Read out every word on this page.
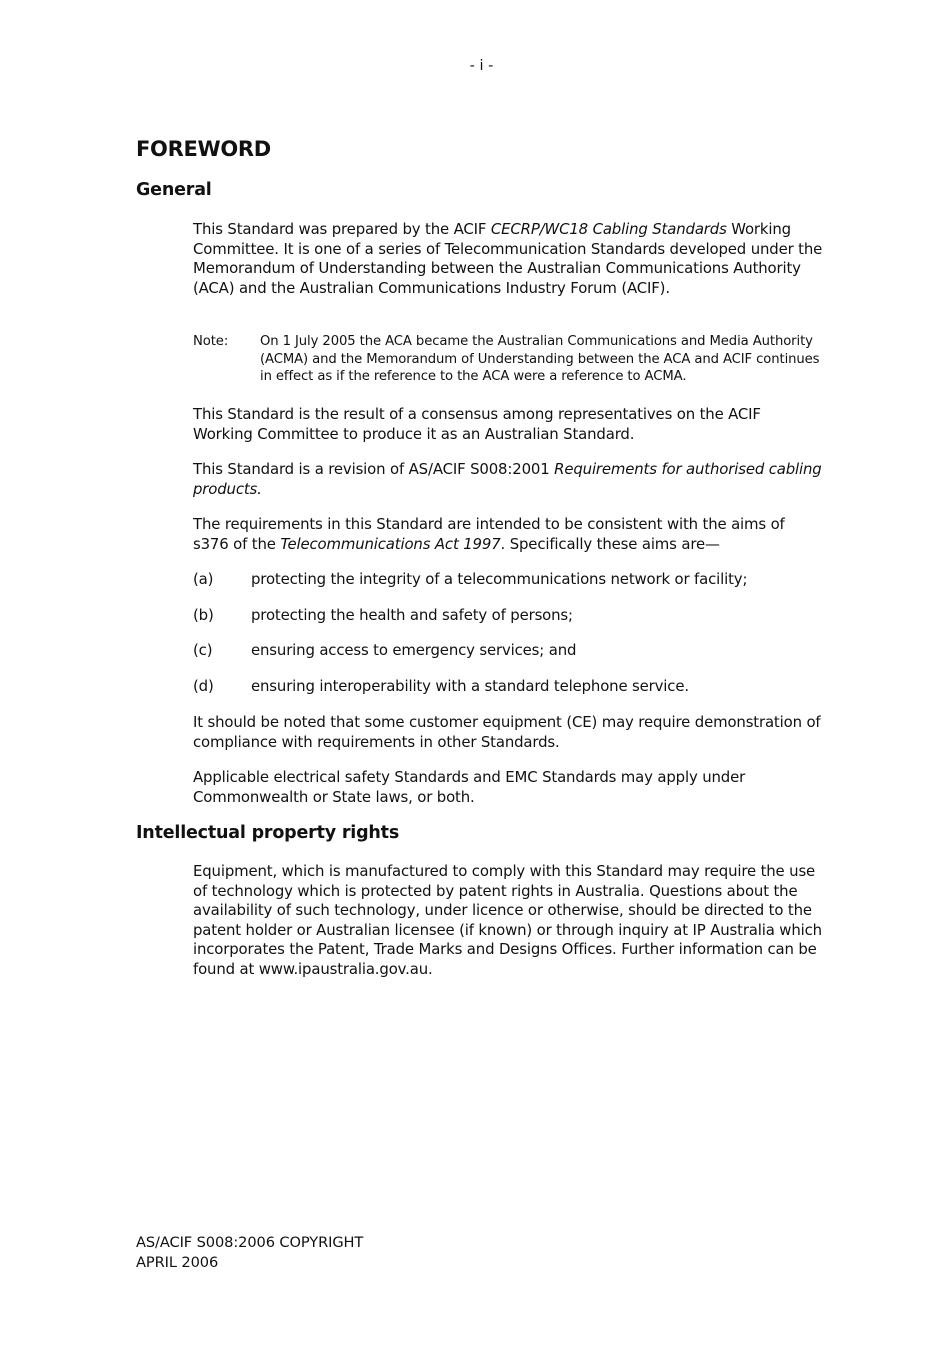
- i -
FOREWORD
General

This Standard was prepared by the ACIF CECRP/WC18 Cabling Standards Working Committee. It is one of a series of Telecommunication Standards developed under the Memorandum of Understanding between the Australian Communications Authority (ACA) and the Australian Communications Industry Forum (ACIF).

Note: On 1 July 2005 the ACA became the Australian Communications and Media Authority (ACMA) and the Memorandum of Understanding between the ACA and ACIF continues in effect as if the reference to the ACA were a reference to ACMA.

This Standard is the result of a consensus among representatives on the ACIF Working Committee to produce it as an Australian Standard.

This Standard is a revision of AS/ACIF S008:2001 Requirements for authorised cabling products.

The requirements in this Standard are intended to be consistent with the aims of s376 of the Telecommunications Act 1997. Specifically these aims are—

(a)	protecting the integrity of a telecommunications network or facility;
(b)	protecting the health and safety of persons;
(c)	ensuring access to emergency services; and
(d)	ensuring interoperability with a standard telephone service.

It should be noted that some customer equipment (CE) may require demonstration of compliance with requirements in other Standards.

Applicable electrical safety Standards and EMC Standards may apply under Commonwealth or State laws, or both.

Intellectual property rights

Equipment, which is manufactured to comply with this Standard may require the use of technology which is protected by patent rights in Australia. Questions about the availability of such technology, under licence or otherwise, should be directed to the patent holder or Australian licensee (if known) or through inquiry at IP Australia which incorporates the Patent, Trade Marks and Designs Offices. Further information can be found at www.ipaustralia.gov.au.

AS/ACIF S008:2006 COPYRIGHT
APRIL 2006
